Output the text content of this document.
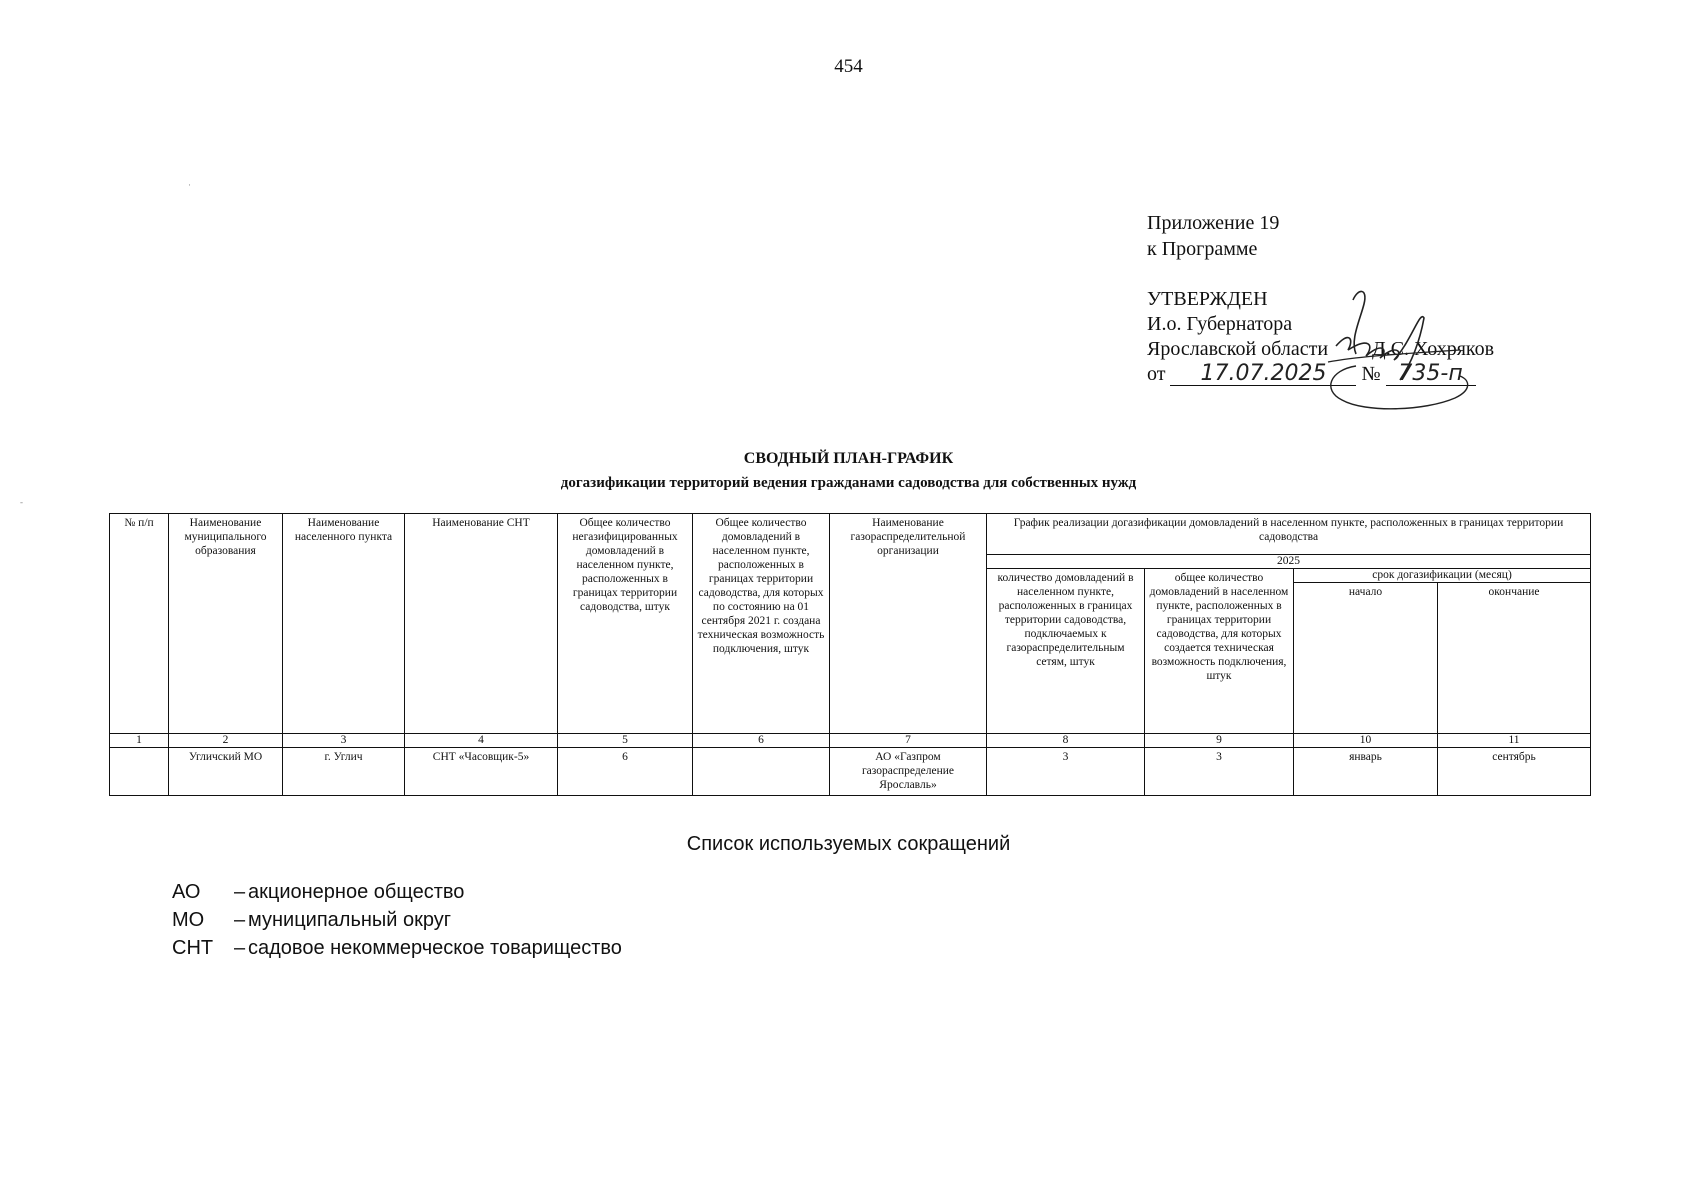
454
Приложение 19
к Программе
УТВЕРЖДЕН
И.о. Губернатора
Ярославской области Д.С. Хохряков
от 17.07.2025 № 735-п
СВОДНЫЙ ПЛАН-ГРАФИК
догазификации территорий ведения гражданами садоводства для собственных нужд
·
-
№ п/п	Наименование муниципального образования	Наименование населенного пункта	Наименование СНТ	Общее количество негазифицированных домовладений в населенном пункте, расположенных в границах территории садоводства, штук	Общее количество домовладений в населенном пункте, расположенных в границах территории садоводства, для которых по состоянию на 01 сентября 2021 г. создана техническая возможность подключения, штук	Наименование газораспределительной организации	График реализации догазификации домовладений в населенном пункте, расположенных в границах территории садоводства			
							2025			
							количество домовладений в населенном пункте, расположенных в границах территории садоводства, подключаемых к газораспределительным сетям, штук	общее количество домовладений в населенном пункте, расположенных в границах территории садоводства, для которых создается техническая возможность подключения, штук	срок догазификации (месяц)	
									начало	окончание
1	2	3	4	5	6	7	8	9	10	11
	Угличский МО	г. Углич	СНТ «Часовщик-5»	6		АО «Газпром газораспределение Ярославль»	3	3	январь	сентябрь
Список используемых сокращений
АО – акционерное общество
МО – муниципальный округ
СНТ – садовое некоммерческое товарищество
